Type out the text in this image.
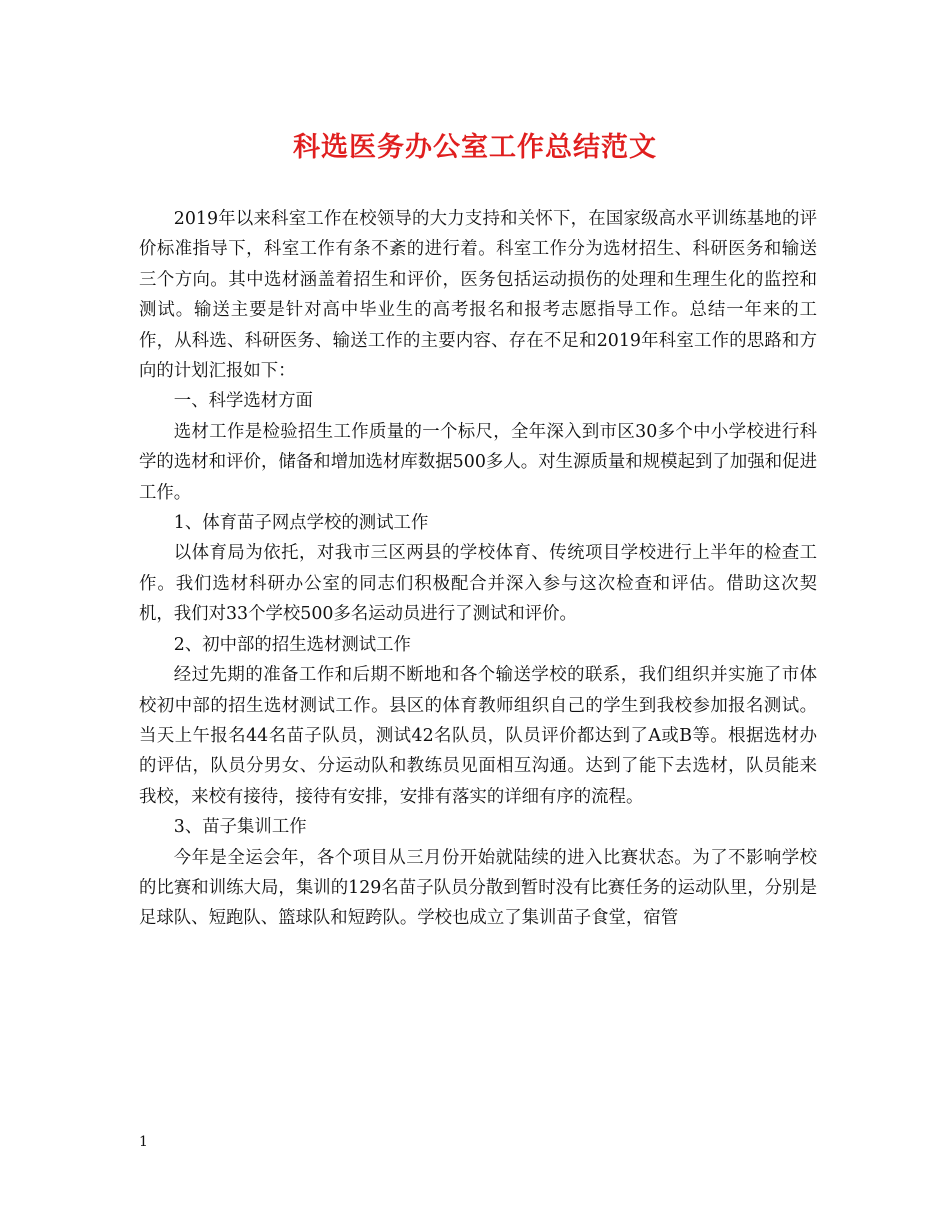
科选医务办公室工作总结范文

2019年以来科室工作在校领导的大力支持和关怀下，在国家级高水平训练基地的评价标准指导下，科室工作有条不紊的进行着。科室工作分为选材招生、科研医务和输送三个方向。其中选材涵盖着招生和评价，医务包括运动损伤的处理和生理生化的监控和测试。输送主要是针对高中毕业生的高考报名和报考志愿指导工作。总结一年来的工作，从科选、科研医务、输送工作的主要内容、存在不足和2019年科室工作的思路和方向的计划汇报如下：

一、科学选材方面

选材工作是检验招生工作质量的一个标尺，全年深入到市区30多个中小学校进行科学的选材和评价，储备和增加选材库数据500多人。对生源质量和规模起到了加强和促进工作。

1、体育苗子网点学校的测试工作

以体育局为依托，对我市三区两县的学校体育、传统项目学校进行上半年的检查工作。我们选材科研办公室的同志们积极配合并深入参与这次检查和评估。借助这次契机，我们对33个学校500多名运动员进行了测试和评价。

2、初中部的招生选材测试工作

经过先期的准备工作和后期不断地和各个输送学校的联系，我们组织并实施了市体校初中部的招生选材测试工作。县区的体育教师组织自己的学生到我校参加报名测试。当天上午报名44名苗子队员，测试42名队员，队员评价都达到了A或B等。根据选材办的评估，队员分男女、分运动队和教练员见面相互沟通。达到了能下去选材，队员能来我校，来校有接待，接待有安排，安排有落实的详细有序的流程。

3、苗子集训工作

今年是全运会年，各个项目从三月份开始就陆续的进入比赛状态。为了不影响学校的比赛和训练大局，集训的129名苗子队员分散到暂时没有比赛任务的运动队里，分别是足球队、短跑队、篮球队和短跨队。学校也成立了集训苗子食堂，宿管

1
